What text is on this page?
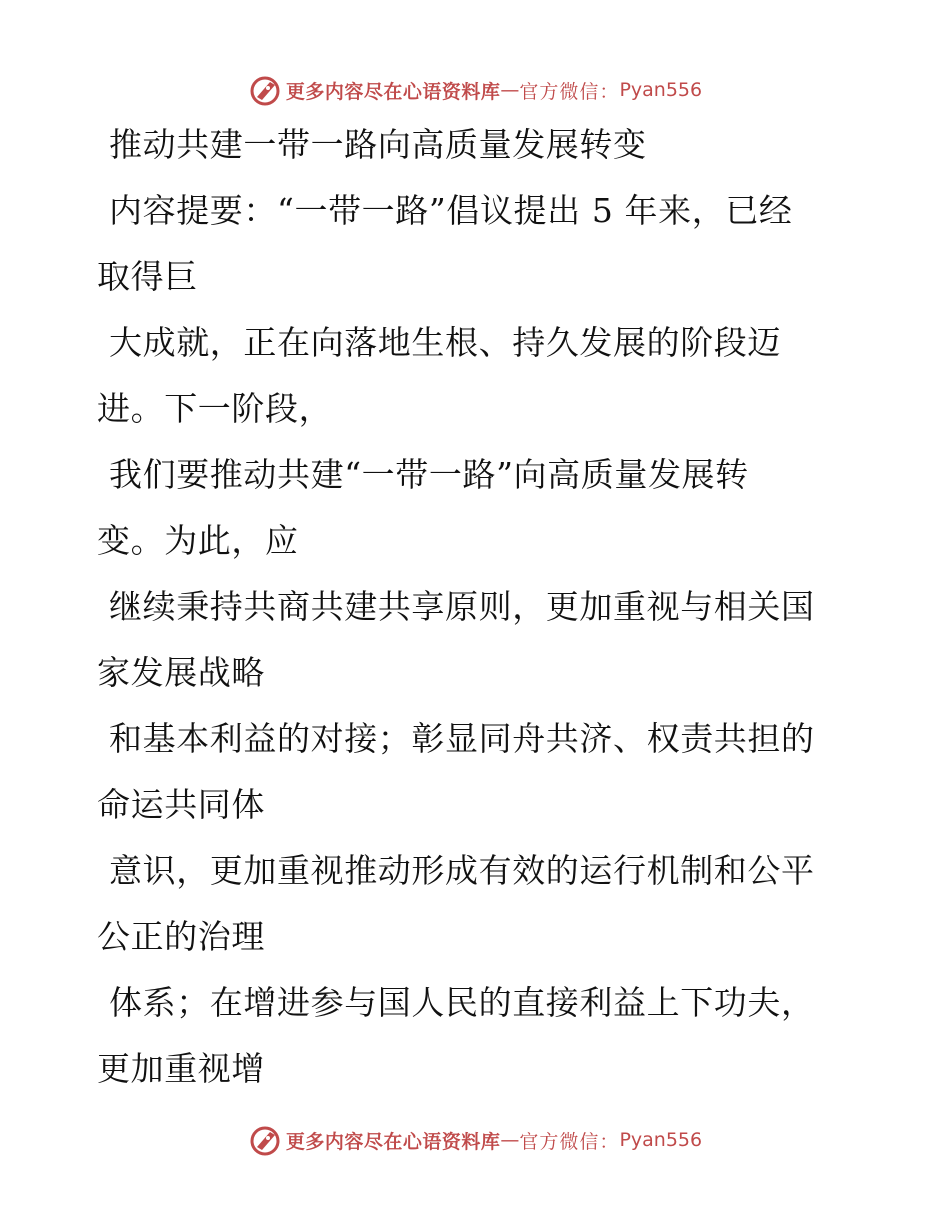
更多内容尽在心语资料库 — 官方微信： Pyan556
推动共建一带一路向高质量发展转变
内容提要：“一带一路”倡议提出 5 年来，已经
取得巨
大成就，正在向落地生根、持久发展的阶段迈
进。下一阶段，
我们要推动共建“一带一路”向高质量发展转
变。为此，应
继续秉持共商共建共享原则，更加重视与相关国
家发展战略
和基本利益的对接；彰显同舟共济、权责共担的
命运共同体
意识，更加重视推动形成有效的运行机制和公平
公正的治理
体系；在增进参与国人民的直接利益上下功夫，
更加重视增
更多内容尽在心语资料库 — 官方微信： Pyan556
